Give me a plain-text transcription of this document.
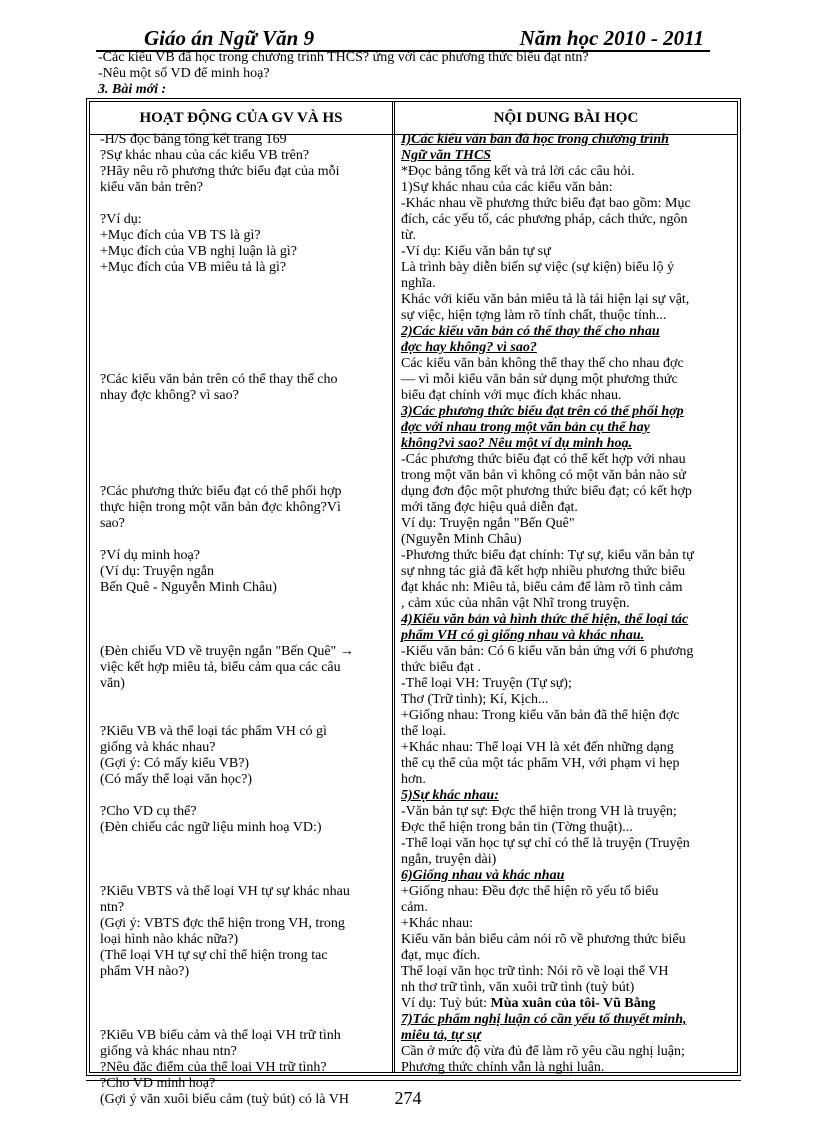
Giáo án Ngữ Văn 9	Năm học 2010 - 2011
-Các kiểu VB đã học trong chương trình THCS? ứng với các phương thức biểu đạt ntn?
-Nêu một số VD để minh hoạ?
3. Bài mới :
HOẠT ĐỘNG CỦA GV VÀ HS	NỘI DUNG BÀI HỌC
-H/S đọc bảng tổng kết trang 169
?Sự khác nhau của các kiểu VB trên?
?Hãy nêu rõ phương thức biểu đạt của mỗi
kiểu văn bản trên?
?Ví dụ:
+Mục đích của VB TS là gì?
+Mục đích của VB nghị luận là gì?
+Mục đích của VB miêu tả là gì?
?Các kiểu văn bản trên có thể thay thế cho
nhay đợc không? vì sao?
?Các phương thức biểu đạt có thể phối hợp
thực hiện trong một văn bản đợc không?Vì
sao?
?Ví dụ minh hoạ?
(Ví dụ: Truyện ngắn
Bến Quê - Nguyễn Minh Châu)
(Đèn chiếu VD về truyện ngắn "Bến Quê" →
việc kết hợp miêu tả, biểu cảm qua các câu
văn)
?Kiểu VB và thể loại tác phẩm VH có gì
giống và khác nhau?
(Gợi ý: Có mấy kiểu VB?)
(Có mấy thể loại văn học?)
?Cho VD cụ thể?
(Đèn chiếu các ngữ liệu minh hoạ VD:)
?Kiểu VBTS và thể loại VH tự sự khác nhau
ntn?
(Gợi ý: VBTS đợc thể hiện trong VH, trong
loại hình nào khác nữa?)
(Thể loại VH tự sự chỉ thể hiện trong tac
phẩm VH nào?)
?Kiểu VB biểu cảm và thể loại VH trữ tình
giống và khác nhau ntn?
?Nêu đặc điểm của thể loại VH trữ tình?
?Cho VD minh hoạ?
(Gợi ý văn xuôi biểu cảm (tuỳ bút) có là VH
I)Các kiểu văn bản đã học trong chương trình
Ngữ văn THCS
*Đọc bảng tổng kết và trả lời các câu hỏi.
1)Sự khác nhau của các kiểu văn bản:
-Khác nhau về phương thức biểu đạt bao gồm: Mục
đích, các yếu tố, các phương pháp, cách thức, ngôn
từ.
-Ví dụ: Kiểu văn bản tự sự
Là trình bày diễn biến sự việc (sự kiện) biểu lộ ý
nghĩa.
Khác với kiểu văn bản miêu tả là tái hiện lại sự vật,
sự việc, hiện tợng làm rõ tính chất, thuộc tính...
2)Các kiểu văn bản có thể thay thế cho nhau
đợc hay không? vì sao?
Các kiểu văn bản không thể thay thế cho nhau đợc
— vì mỗi kiểu văn bản sử dụng một phương thức
biểu đạt chính với mục đích khác nhau.
3)Các phương thức biểu đạt trên có thể phối hợp
đợc với nhau trong một văn bản cụ thể hay
không?vì sao? Nêu một ví dụ minh hoạ.
-Các phương thức biểu đạt có thể kết hợp với nhau
trong một văn bản vì không có một văn bản nào sử
dụng đơn độc một phương thức biểu đạt; có kết hợp
mới tăng đợc hiệu quả diễn đạt.
Ví dụ: Truyện ngắn "Bến Quê"
(Nguyễn Minh Châu)
-Phương thức biểu đạt chính: Tự sự, kiểu văn bản tự
sự nhng tác giả đã kết hợp nhiều phương thức biểu
đạt khác nh: Miêu tả, biểu cảm để làm rõ tình cảm
, cảm xúc của nhân vật Nhĩ trong truyện.
4)Kiểu văn bản và hình thức thể hiện, thể loại tác
phẩm VH có gì giống nhau và khác nhau.
-Kiểu văn bản: Có 6 kiểu văn bản ứng với 6 phương
thức biểu đạt .
-Thể loại VH: Truyện (Tự sự);
Thơ (Trữ tình); Kí, Kịch...
+Giống nhau: Trong kiểu văn bản đã thể hiện đợc
thể loại.
+Khác nhau: Thể loại VH là xét đến những dạng
thể cụ thể của một tác phẩm VH, với phạm vi hẹp
hơn.
5)Sự khác nhau:
-Văn bản tự sự: Đợc thể hiện trong VH là truyện;
Đợc thể hiện trong bản tin (Tờng thuật)...
-Thể loại văn học tự sự chỉ có thể là truyện (Truyện
ngắn, truyện dài)
6)Giống nhau và khác nhau
+Giống nhau: Đều đợc thể hiện rõ yếu tố biểu
cảm.
+Khác nhau:
Kiểu văn bản biểu cảm nói rõ về phương thức biểu
đạt, mục đích.
Thể loại văn học trữ tình: Nói rõ về loại thể VH
nh thơ trữ tình, văn xuôi trữ tình (tuỳ bút)
Ví dụ: Tuỳ bút: Mùa xuân của tôi- Vũ Bằng
7)Tác phẩm nghị luận có cần yếu tố thuyết minh,
miêu tả, tự sự
Cần ở mức độ vừa đủ để làm rõ yêu cầu nghị luận;
Phương thức chính vẫn là nghị luận.
274
